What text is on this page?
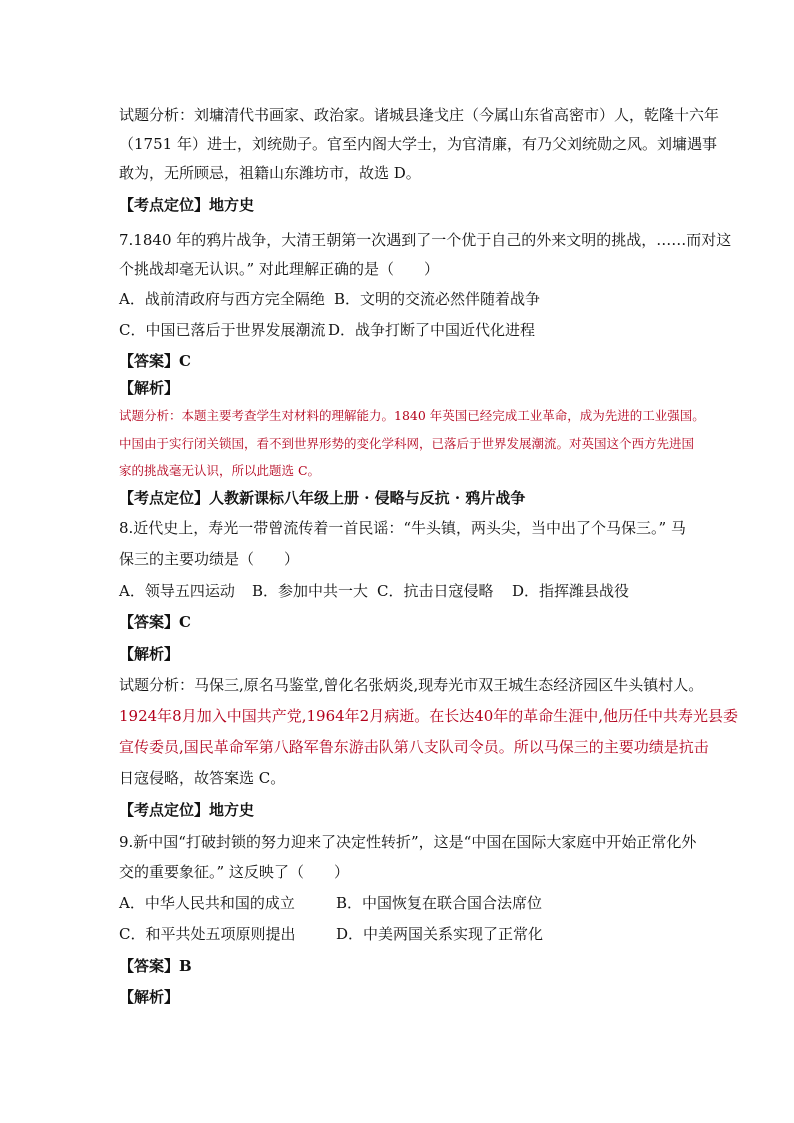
试题分析：刘墉清代书画家、政治家。诸城县逢戈庄（今属山东省高密市）人，乾隆十六年
（1751 年）进士，刘统勋子。官至内阁大学士，为官清廉，有乃父刘统勋之风。刘墉遇事
敢为，无所顾忌，祖籍山东潍坊市，故选 D。
【考点定位】地方史
7.1840 年的鸦片战争，大清王朝第一次遇到了一个优于自己的外来文明的挑战，……而对这
个挑战却毫无认识。” 对此理解正确的是（　　）
A．战前清政府与西方完全隔绝 B．文明的交流必然伴随着战争
C．中国已落后于世界发展潮流 D．战争打断了中国近代化进程
【答案】C
【解析】
试题分析：本题主要考查学生对材料的理解能力。1840 年英国已经完成工业革命，成为先进的工业强国。
中国由于实行闭关锁国，看不到世界形势的变化学科网，已落后于世界发展潮流。对英国这个西方先进国
家的挑战毫无认识，所以此题选 C。
【考点定位】人教新课标八年级上册 · 侵略与反抗 · 鸦片战争
8.近代史上，寿光一带曾流传着一首民谣：“牛头镇，两头尖，当中出了个马保三。” 马
保三的主要功绩是（　　）
A．领导五四运动 B．参加中共一大 C．抗击日寇侵略 D．指挥潍县战役
【答案】C
【解析】
试题分析：马保三,原名马鉴堂,曾化名张炳炎,现寿光市双王城生态经济园区牛头镇村人。
1924年8月加入中国共产党,1964年2月病逝。在长达40年的革命生涯中,他历任中共寿光县委
宣传委员,国民革命军第八路军鲁东游击队第八支队司令员。所以马保三的主要功绩是抗击
日寇侵略，故答案选 C。
【考点定位】地方史
9.新中国“打破封锁的努力迎来了决定性转折”，这是“中国在国际大家庭中开始正常化外
交的重要象征。” 这反映了（　　）
A．中华人民共和国的成立	B．中国恢复在联合国合法席位
C．和平共处五项原则提出	D．中美两国关系实现了正常化
【答案】B
【解析】
